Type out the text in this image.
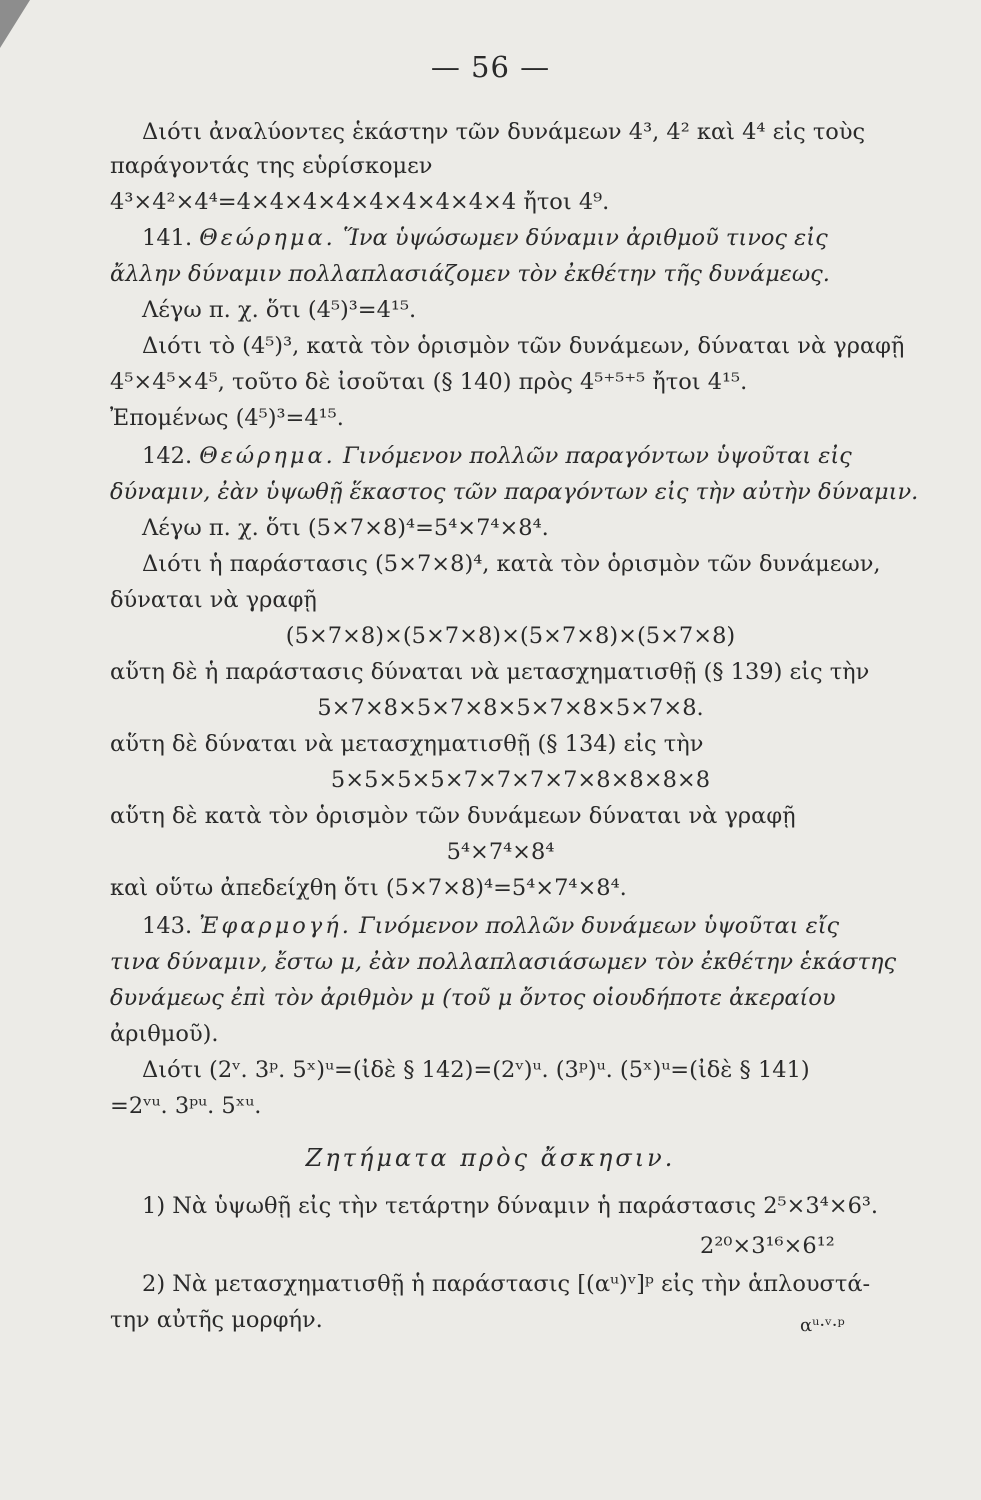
— 56 —
Διότι ἀναλύοντες ἑκάστην τῶν δυνάμεων 4³, 4² καὶ 4⁴ εἰς τοὺς
παράγοντάς της εὑρίσκομεν
4³×4²×4⁴=4×4×4×4×4×4×4×4×4 ἤτοι 4⁹.
141. Θεώρημα. Ἵνα ὑψώσωμεν δύναμιν ἀριθμοῦ τινος εἰς
ἄλλην δύναμιν πολλαπλασιάζομεν τὸν ἐκθέτην τῆς δυνάμεως.
Λέγω π. χ. ὅτι (4⁵)³=4¹⁵.
Διότι τὸ (4⁵)³, κατὰ τὸν ὁρισμὸν τῶν δυνάμεων, δύναται νὰ γραφῇ
4⁵×4⁵×4⁵, τοῦτο δὲ ἰσοῦται (§ 140) πρὸς 4⁵⁺⁵⁺⁵ ἤτοι 4¹⁵.
Ἐπομένως (4⁵)³=4¹⁵.
142. Θεώρημα. Γινόμενον πολλῶν παραγόντων ὑψοῦται εἰς
δύναμιν, ἐὰν ὑψωθῇ ἕκαστος τῶν παραγόντων εἰς τὴν αὐτὴν δύναμιν.
Λέγω π. χ. ὅτι (5×7×8)⁴=5⁴×7⁴×8⁴.
Διότι ἡ παράστασις (5×7×8)⁴, κατὰ τὸν ὁρισμὸν τῶν δυνάμεων,
δύναται νὰ γραφῇ
(5×7×8)×(5×7×8)×(5×7×8)×(5×7×8)
αὕτη δὲ ἡ παράστασις δύναται νὰ μετασχηματισθῇ (§ 139) εἰς τὴν
5×7×8×5×7×8×5×7×8×5×7×8.
αὕτη δὲ δύναται νὰ μετασχηματισθῇ (§ 134) εἰς τὴν
5×5×5×5×7×7×7×7×8×8×8×8
αὕτη δὲ κατὰ τὸν ὁρισμὸν τῶν δυνάμεων δύναται νὰ γραφῇ
5⁴×7⁴×8⁴
καὶ οὕτω ἀπεδείχθη ὅτι (5×7×8)⁴=5⁴×7⁴×8⁴.
143. Ἐφαρμογή. Γινόμενον πολλῶν δυνάμεων ὑψοῦται εἴς
τινα δύναμιν, ἔστω μ, ἐὰν πολλαπλασιάσωμεν τὸν ἐκθέτην ἑκάστης
δυνάμεως ἐπὶ τὸν ἀριθμὸν μ (τοῦ μ ὄντος οἱουδήποτε ἀκεραίου
ἀριθμοῦ).
Διότι (2ᵛ. 3ᵖ. 5ˣ)ᵘ=(ἰδὲ § 142)=(2ᵛ)ᵘ. (3ᵖ)ᵘ. (5ˣ)ᵘ=(ἰδὲ § 141)
=2ᵛᵘ. 3ᵖᵘ. 5ˣᵘ.
Ζητήματα πρὸς ἄσκησιν.
1) Νὰ ὑψωθῇ εἰς τὴν τετάρτην δύναμιν ἡ παράστασις 2⁵×3⁴×6³.
2²⁰×3¹⁶×6¹²
2) Νὰ μετασχηματισθῇ ἡ παράστασις [(αᵘ)ᵛ]ᵖ εἰς τὴν ἁπλουστά-
την αὐτῆς μορφήν.	αᵘ·ᵛ·ᵖ
